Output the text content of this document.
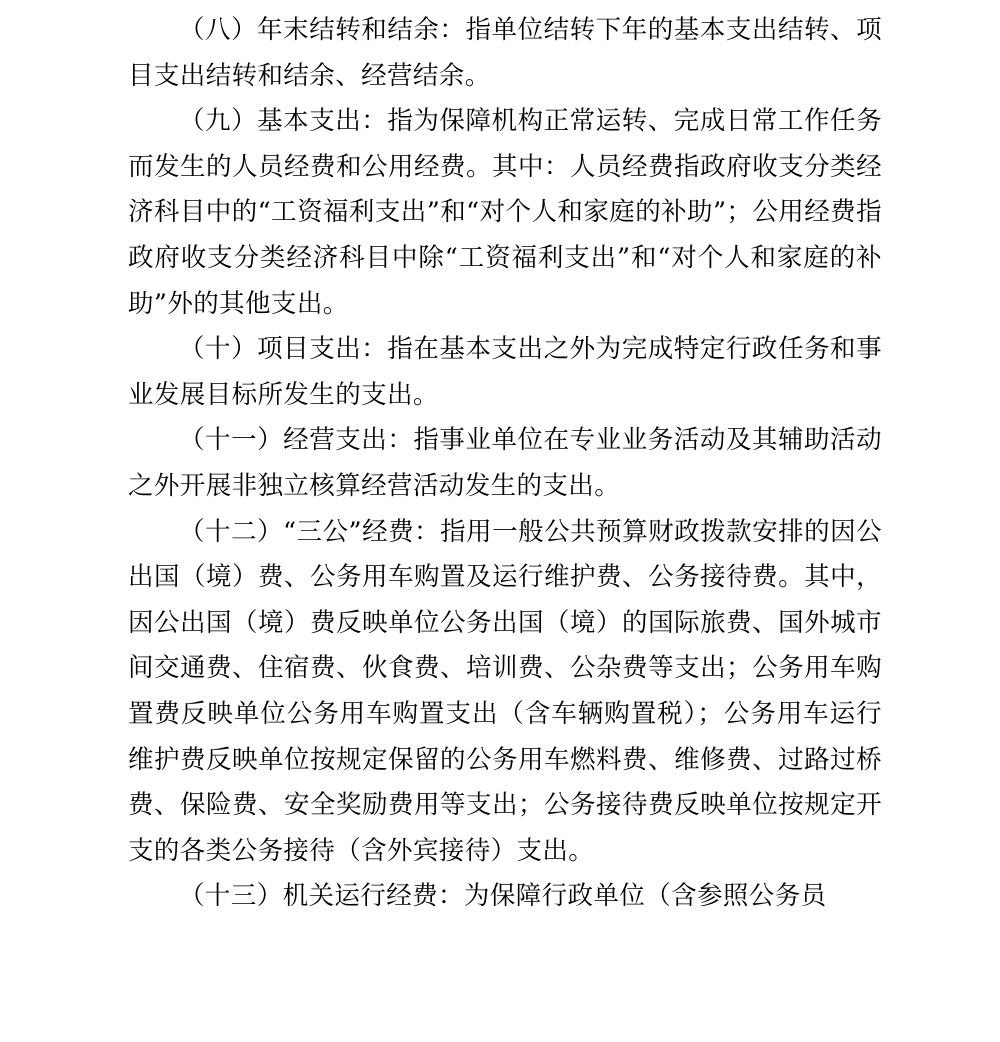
（八）年末结转和结余：指单位结转下年的基本支出结转、项目支出结转和结余、经营结余。

（九）基本支出：指为保障机构正常运转、完成日常工作任务而发生的人员经费和公用经费。其中：人员经费指政府收支分类经济科目中的“工资福利支出”和“对个人和家庭的补助”；公用经费指政府收支分类经济科目中除“工资福利支出”和“对个人和家庭的补助”外的其他支出。

（十）项目支出：指在基本支出之外为完成特定行政任务和事业发展目标所发生的支出。

（十一）经营支出：指事业单位在专业业务活动及其辅助活动之外开展非独立核算经营活动发生的支出。

（十二）“三公”经费：指用一般公共预算财政拨款安排的因公出国（境）费、公务用车购置及运行维护费、公务接待费。其中，因公出国（境）费反映单位公务出国（境）的国际旅费、国外城市间交通费、住宿费、伙食费、培训费、公杂费等支出；公务用车购置费反映单位公务用车购置支出（含车辆购置税）；公务用车运行维护费反映单位按规定保留的公务用车燃料费、维修费、过路过桥费、保险费、安全奖励费用等支出；公务接待费反映单位按规定开支的各类公务接待（含外宾接待）支出。

（十三）机关运行经费：为保障行政单位（含参照公务员
